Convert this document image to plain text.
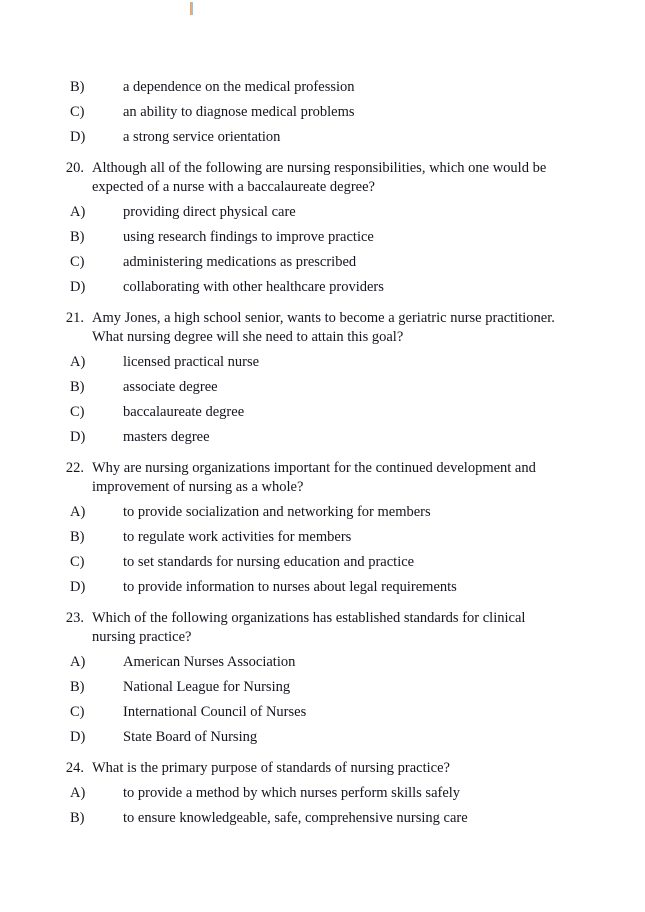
B)	a dependence on the medical profession
C)	an ability to diagnose medical problems
D)	a strong service orientation
20. Although all of the following are nursing responsibilities, which one would be expected of a nurse with a baccalaureate degree?
A)	providing direct physical care
B)	using research findings to improve practice
C)	administering medications as prescribed
D)	collaborating with other healthcare providers
21. Amy Jones, a high school senior, wants to become a geriatric nurse practitioner. What nursing degree will she need to attain this goal?
A)	licensed practical nurse
B)	associate degree
C)	baccalaureate degree
D)	masters degree
22. Why are nursing organizations important for the continued development and improvement of nursing as a whole?
A)	to provide socialization and networking for members
B)	to regulate work activities for members
C)	to set standards for nursing education and practice
D)	to provide information to nurses about legal requirements
23. Which of the following organizations has established standards for clinical nursing practice?
A)	American Nurses Association
B)	National League for Nursing
C)	International Council of Nurses
D)	State Board of Nursing
24. What is the primary purpose of standards of nursing practice?
A)	to provide a method by which nurses perform skills safely
B)	to ensure knowledgeable, safe, comprehensive nursing care
